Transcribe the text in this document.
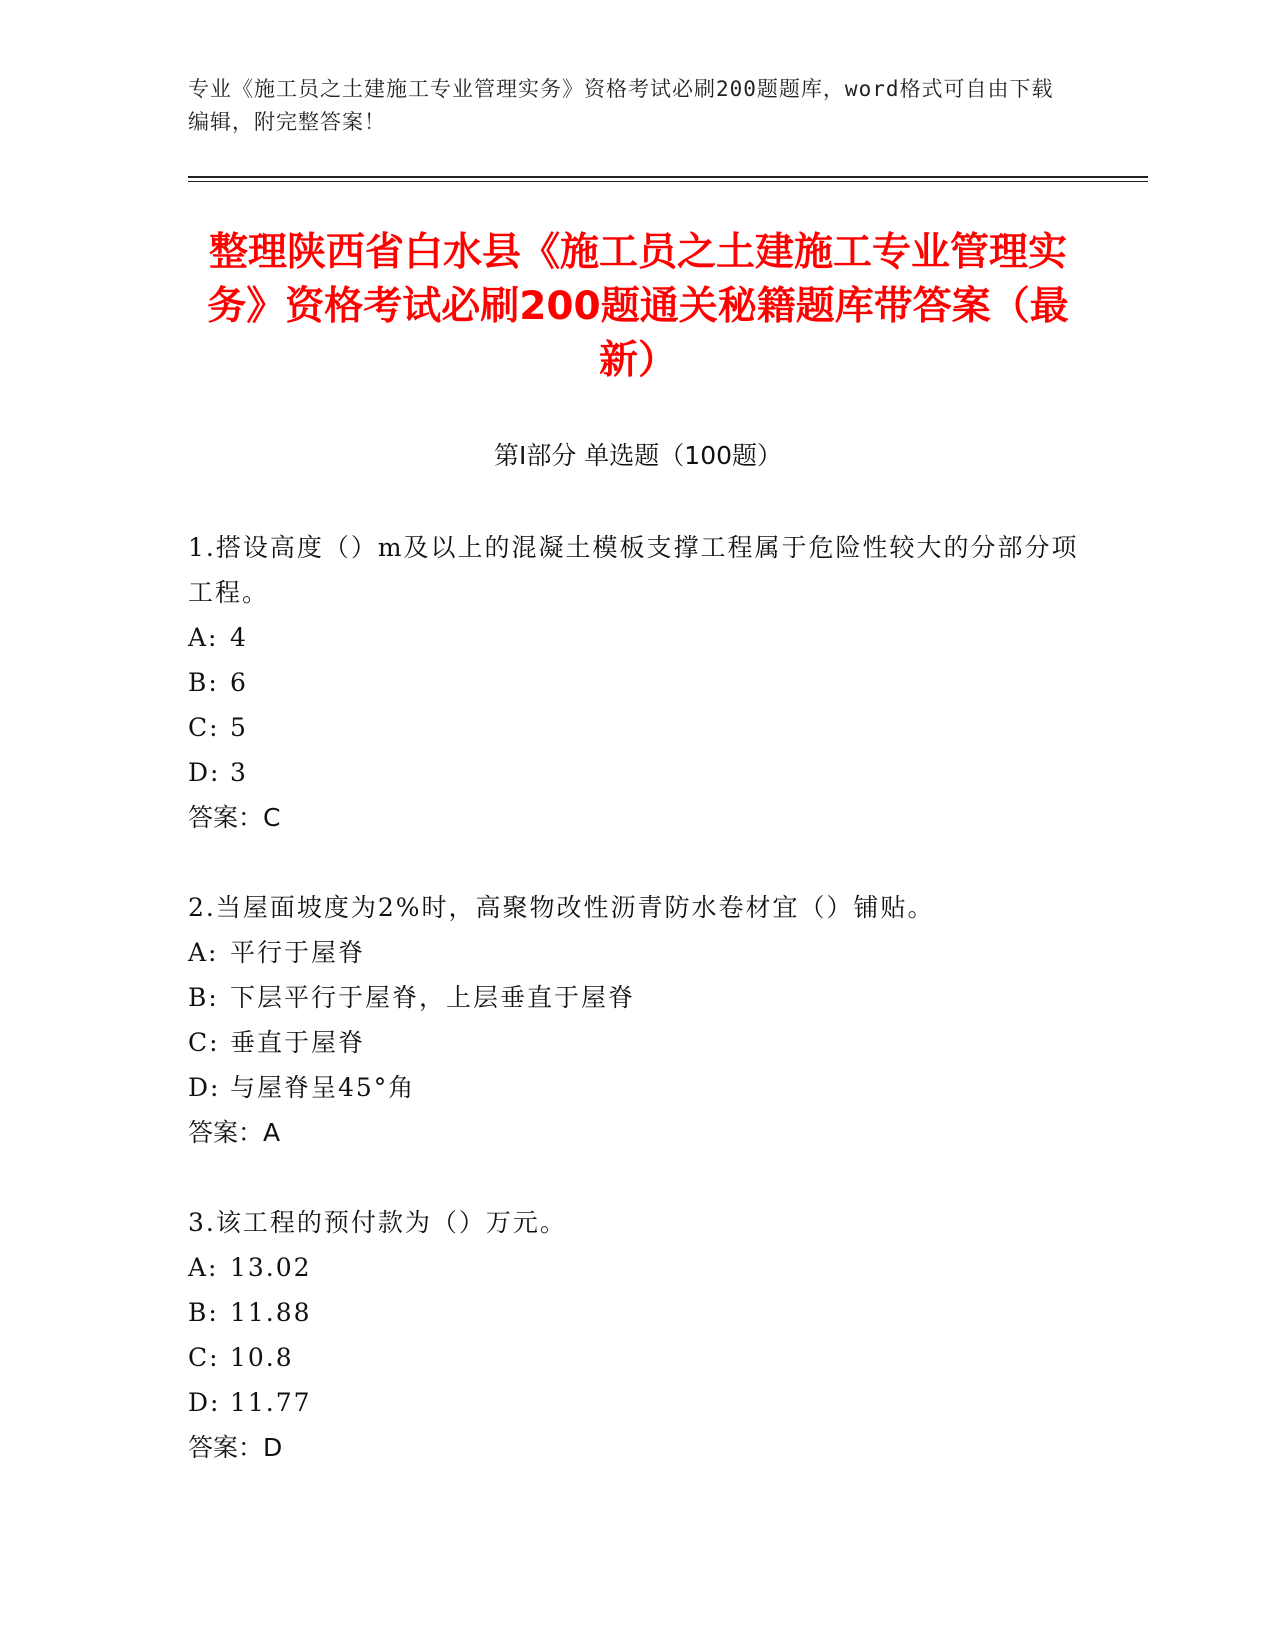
专业《施工员之土建施工专业管理实务》资格考试必刷200题题库，word格式可自由下载编辑，附完整答案！
整理陕西省白水县《施工员之土建施工专业管理实务》资格考试必刷200题通关秘籍题库带答案（最新）
第Ⅰ部分 单选题（100题）

1.搭设高度（）m及以上的混凝土模板支撑工程属于危险性较大的分部分项工程。

A: 4

B: 6

C: 5

D: 3

答案：C

2.当屋面坡度为2%时，高聚物改性沥青防水卷材宜（）铺贴。

A: 平行于屋脊

B: 下层平行于屋脊，上层垂直于屋脊

C: 垂直于屋脊

D: 与屋脊呈45°角

答案：A

3.该工程的预付款为（）万元。

A: 13.02

B: 11.88

C: 10.8

D: 11.77

答案：D
